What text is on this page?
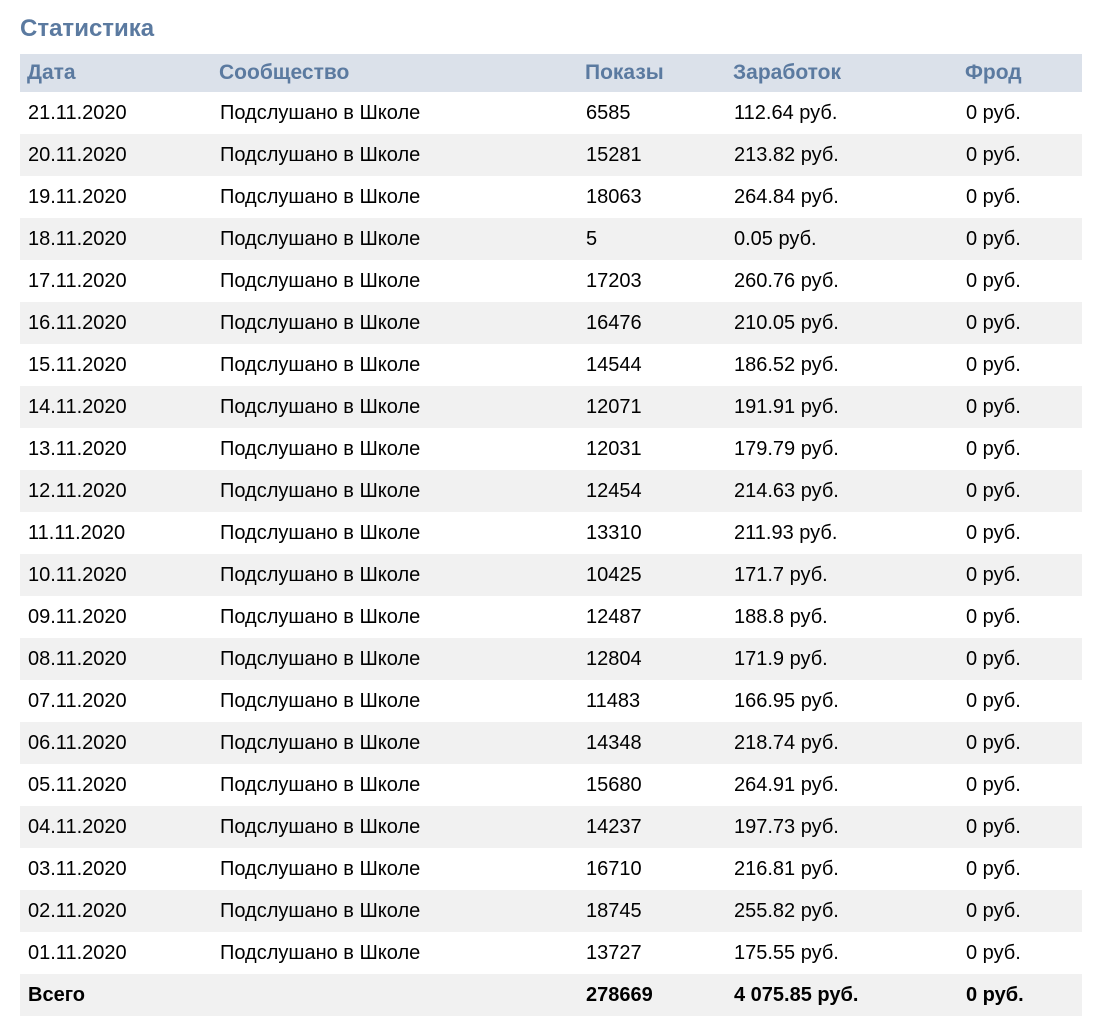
Статистика
Дата	Сообщество	Показы	Заработок	Фрод
21.11.2020	Подслушано в Школе	6585	112.64 руб.	0 руб.
20.11.2020	Подслушано в Школе	15281	213.82 руб.	0 руб.
19.11.2020	Подслушано в Школе	18063	264.84 руб.	0 руб.
18.11.2020	Подслушано в Школе	5	0.05 руб.	0 руб.
17.11.2020	Подслушано в Школе	17203	260.76 руб.	0 руб.
16.11.2020	Подслушано в Школе	16476	210.05 руб.	0 руб.
15.11.2020	Подслушано в Школе	14544	186.52 руб.	0 руб.
14.11.2020	Подслушано в Школе	12071	191.91 руб.	0 руб.
13.11.2020	Подслушано в Школе	12031	179.79 руб.	0 руб.
12.11.2020	Подслушано в Школе	12454	214.63 руб.	0 руб.
11.11.2020	Подслушано в Школе	13310	211.93 руб.	0 руб.
10.11.2020	Подслушано в Школе	10425	171.7 руб.	0 руб.
09.11.2020	Подслушано в Школе	12487	188.8 руб.	0 руб.
08.11.2020	Подслушано в Школе	12804	171.9 руб.	0 руб.
07.11.2020	Подслушано в Школе	11483	166.95 руб.	0 руб.
06.11.2020	Подслушано в Школе	14348	218.74 руб.	0 руб.
05.11.2020	Подслушано в Школе	15680	264.91 руб.	0 руб.
04.11.2020	Подслушано в Школе	14237	197.73 руб.	0 руб.
03.11.2020	Подслушано в Школе	16710	216.81 руб.	0 руб.
02.11.2020	Подслушано в Школе	18745	255.82 руб.	0 руб.
01.11.2020	Подслушано в Школе	13727	175.55 руб.	0 руб.
Всего		278669	4 075.85 руб.	0 руб.
